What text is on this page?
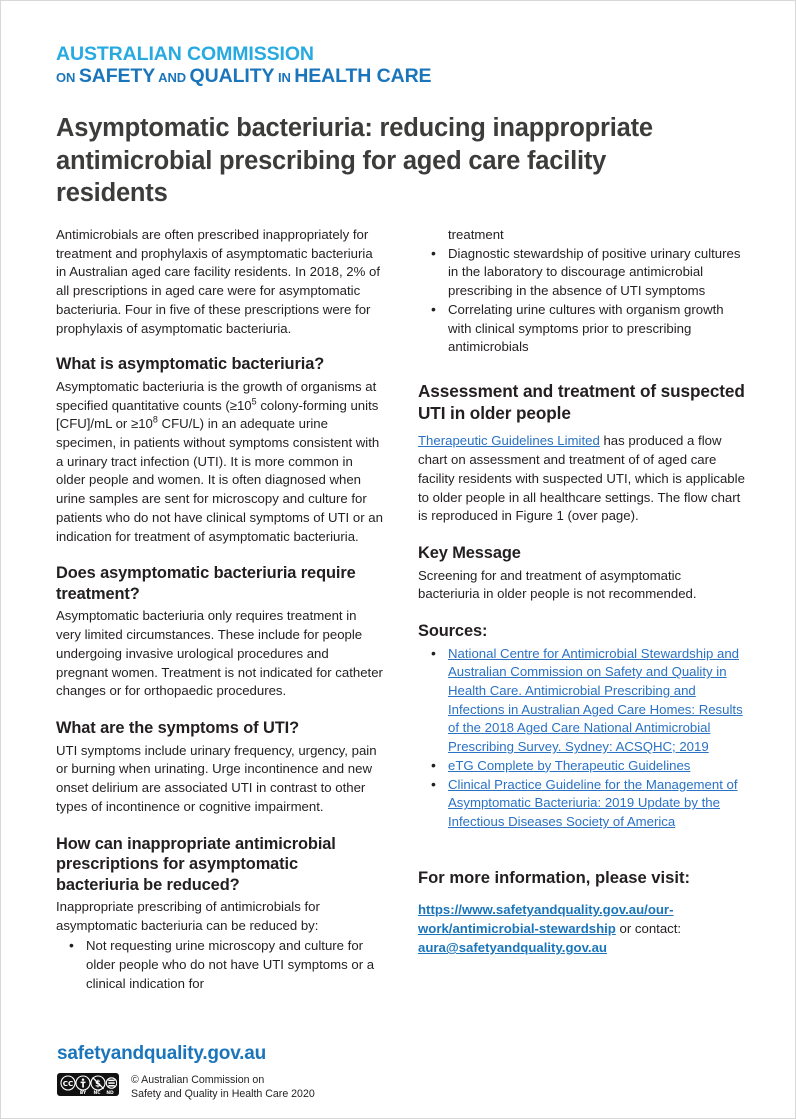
AUSTRALIAN COMMISSION
ON SAFETY AND QUALITY IN HEALTH CARE
Asymptomatic bacteriuria: reducing inappropriate antimicrobial prescribing for aged care facility residents

Antimicrobials are often prescribed inappropriately for treatment and prophylaxis of asymptomatic bacteriuria in Australian aged care facility residents. In 2018, 2% of all prescriptions in aged care were for asymptomatic bacteriuria. Four in five of these prescriptions were for prophylaxis of asymptomatic bacteriuria.

What is asymptomatic bacteriuria?

Asymptomatic bacteriuria is the growth of organisms at specified quantitative counts ($\ge 10^5$ colony-forming units [CFU]/mL or $\ge 10^8$ CFU/L) in an adequate urine specimen, in patients without symptoms consistent with a urinary tract infection (UTI). It is more common in older people and women. It is often diagnosed when urine samples are sent for microscopy and culture for patients who do not have clinical symptoms of UTI or an indication for treatment of asymptomatic bacteriuria.

Does asymptomatic bacteriuria require treatment?

Asymptomatic bacteriuria only requires treatment in very limited circumstances. These include for people undergoing invasive urological procedures and pregnant women. Treatment is not indicated for catheter changes or for orthopaedic procedures.

What are the symptoms of UTI?

UTI symptoms include urinary frequency, urgency, pain or burning when urinating. Urge incontinence and new onset delirium are associated UTI in contrast to other types of incontinence or cognitive impairment.

How can inappropriate antimicrobial prescriptions for asymptomatic bacteriuria be reduced?

Inappropriate prescribing of antimicrobials for asymptomatic bacteriuria can be reduced by:

• Not requesting urine microscopy and culture for older people who do not have UTI symptoms or a clinical indication for
treatment
• Diagnostic stewardship of positive urinary cultures in the laboratory to discourage antimicrobial prescribing in the absence of UTI symptoms
• Correlating urine cultures with organism growth with clinical symptoms prior to prescribing antimicrobials
Assessment and treatment of suspected UTI in older people

Therapeutic Guidelines Limited has produced a flow chart on assessment and treatment of of aged care facility residents with suspected UTI, which is applicable to older people in all healthcare settings. The flow chart is reproduced in Figure 1 (over page).

Key Message

Screening for and treatment of asymptomatic bacteriuria in older people is not recommended.

Sources:
• National Centre for Antimicrobial Stewardship and Australian Commission on Safety and Quality in Health Care. Antimicrobial Prescribing and Infections in Australian Aged Care Homes: Results of the 2018 Aged Care National Antimicrobial Prescribing Survey. Sydney: ACSQHC; 2019
• eTG Complete by Therapeutic Guidelines
• Clinical Practice Guideline for the Management of Asymptomatic Bacteriuria: 2019 Update by the Infectious Diseases Society of America
For more information, please visit:
https://www.safetyandquality.gov.au/our-work/antimicrobial-stewardship or contact: aura@safetyandquality.gov.au
safetyandquality.gov.au
CC	$
BY NC ND
© Australian Commission on
Safety and Quality in Health Care 2020
